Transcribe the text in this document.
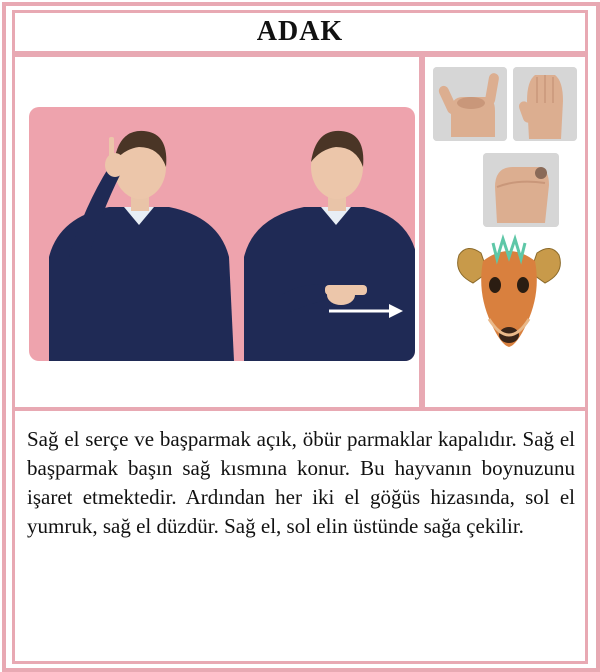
ADAK

Sağ el serçe ve başparmak açık, öbür parmaklar kapalıdır. Sağ el başparmak başın sağ kısmına konur. Bu hayvanın boynuzunu işaret etmektedir. Ardından her iki el göğüs hizasında, sol el yumruk, sağ el düzdür. Sağ el, sol elin üstünde sağa çekilir.
